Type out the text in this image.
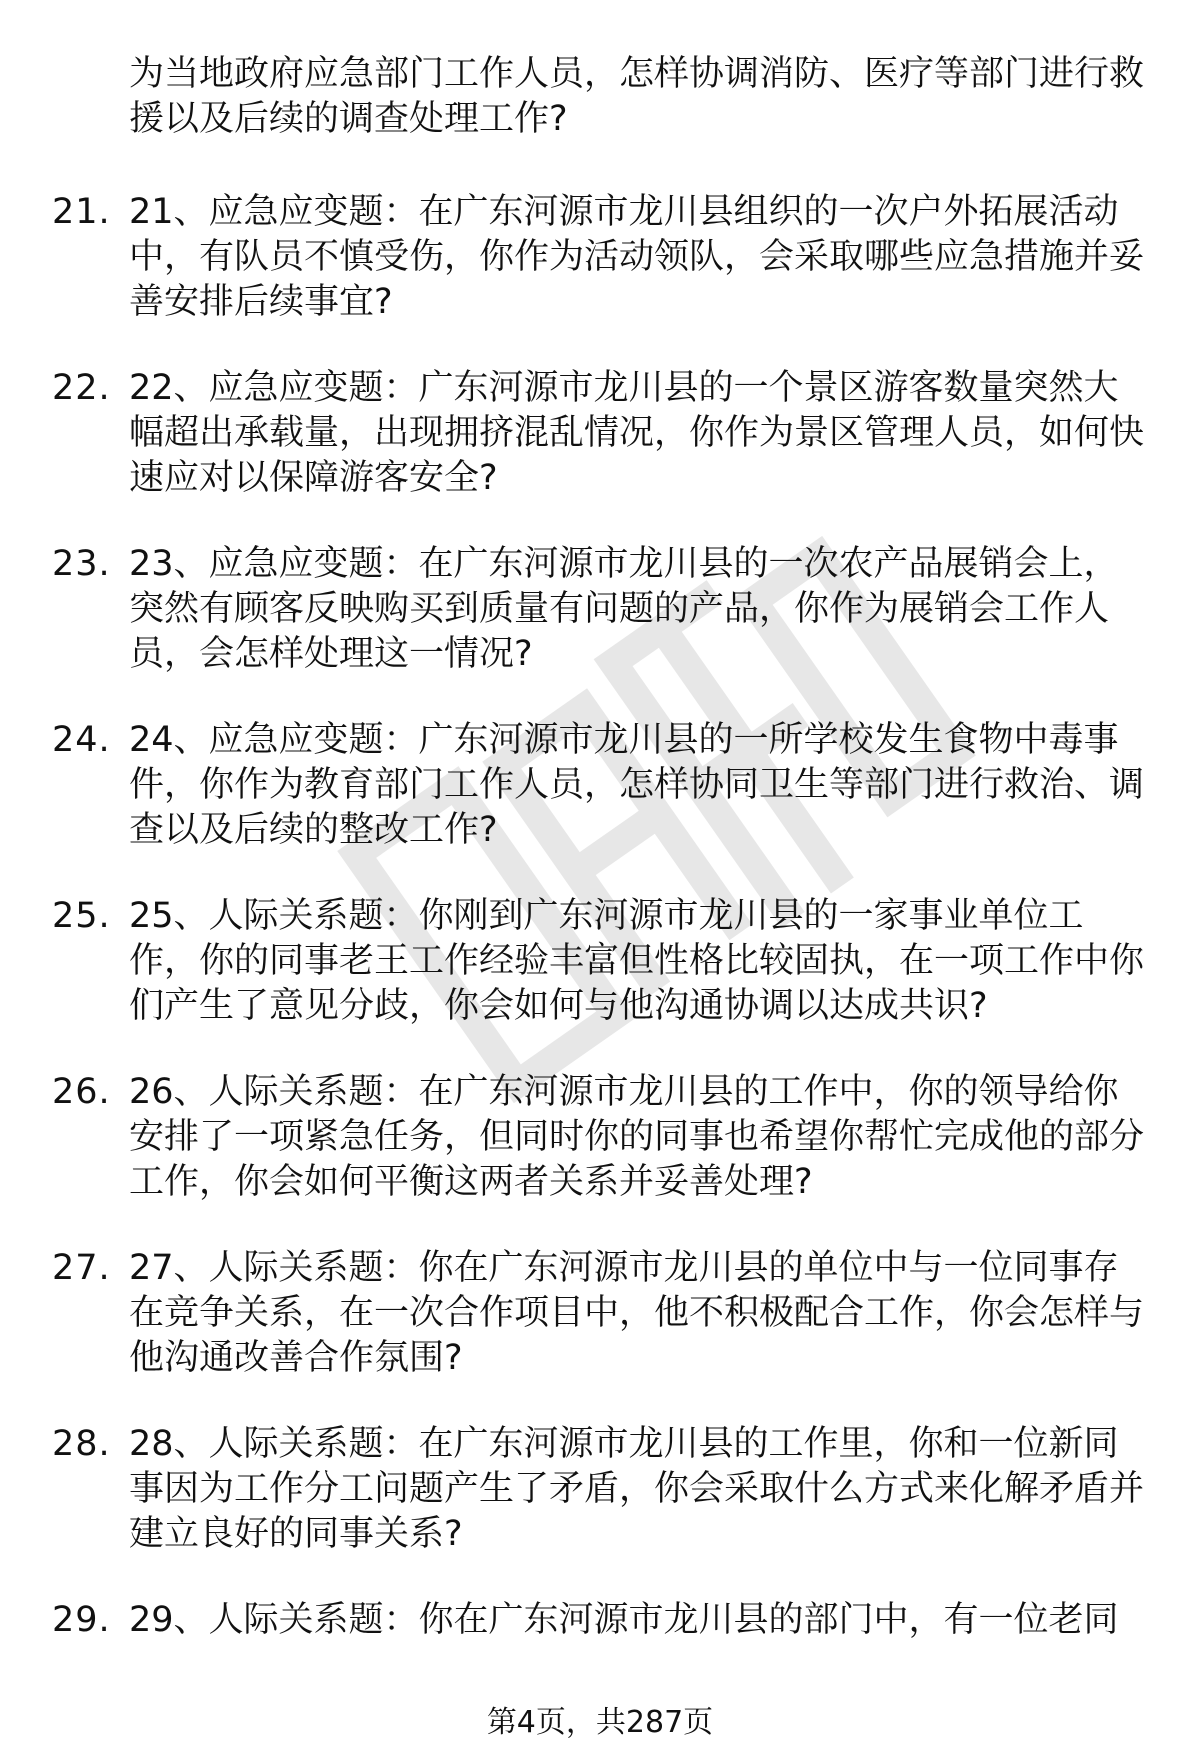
为当地政府应急部门工作人员，怎样协调消防、医疗等部门进行救援以及后续的调查处理工作?

21. 21、应急应变题：在广东河源市龙川县组织的一次户外拓展活动中，有队员不慎受伤，你作为活动领队，会采取哪些应急措施并妥善安排后续事宜?

22. 22、应急应变题：广东河源市龙川县的一个景区游客数量突然大幅超出承载量，出现拥挤混乱情况，你作为景区管理人员，如何快速应对以保障游客安全?

23. 23、应急应变题：在广东河源市龙川县的一次农产品展销会上，突然有顾客反映购买到质量有问题的产品，你作为展销会工作人员，会怎样处理这一情况?

24. 24、应急应变题：广东河源市龙川县的一所学校发生食物中毒事件，你作为教育部门工作人员，怎样协同卫生等部门进行救治、调查以及后续的整改工作?

25. 25、人际关系题：你刚到广东河源市龙川县的一家事业单位工作，你的同事老王工作经验丰富但性格比较固执，在一项工作中你们产生了意见分歧，你会如何与他沟通协调以达成共识?

26. 26、人际关系题：在广东河源市龙川县的工作中，你的领导给你安排了一项紧急任务，但同时你的同事也希望你帮忙完成他的部分工作，你会如何平衡这两者关系并妥善处理?

27. 27、人际关系题：你在广东河源市龙川县的单位中与一位同事存在竞争关系，在一次合作项目中，他不积极配合工作，你会怎样与他沟通改善合作氛围?

28. 28、人际关系题：在广东河源市龙川县的工作里，你和一位新同事因为工作分工问题产生了矛盾，你会采取什么方式来化解矛盾并建立良好的同事关系?

29. 29、人际关系题：你在广东河源市龙川县的部门中，有一位老同

第4页，共287页
